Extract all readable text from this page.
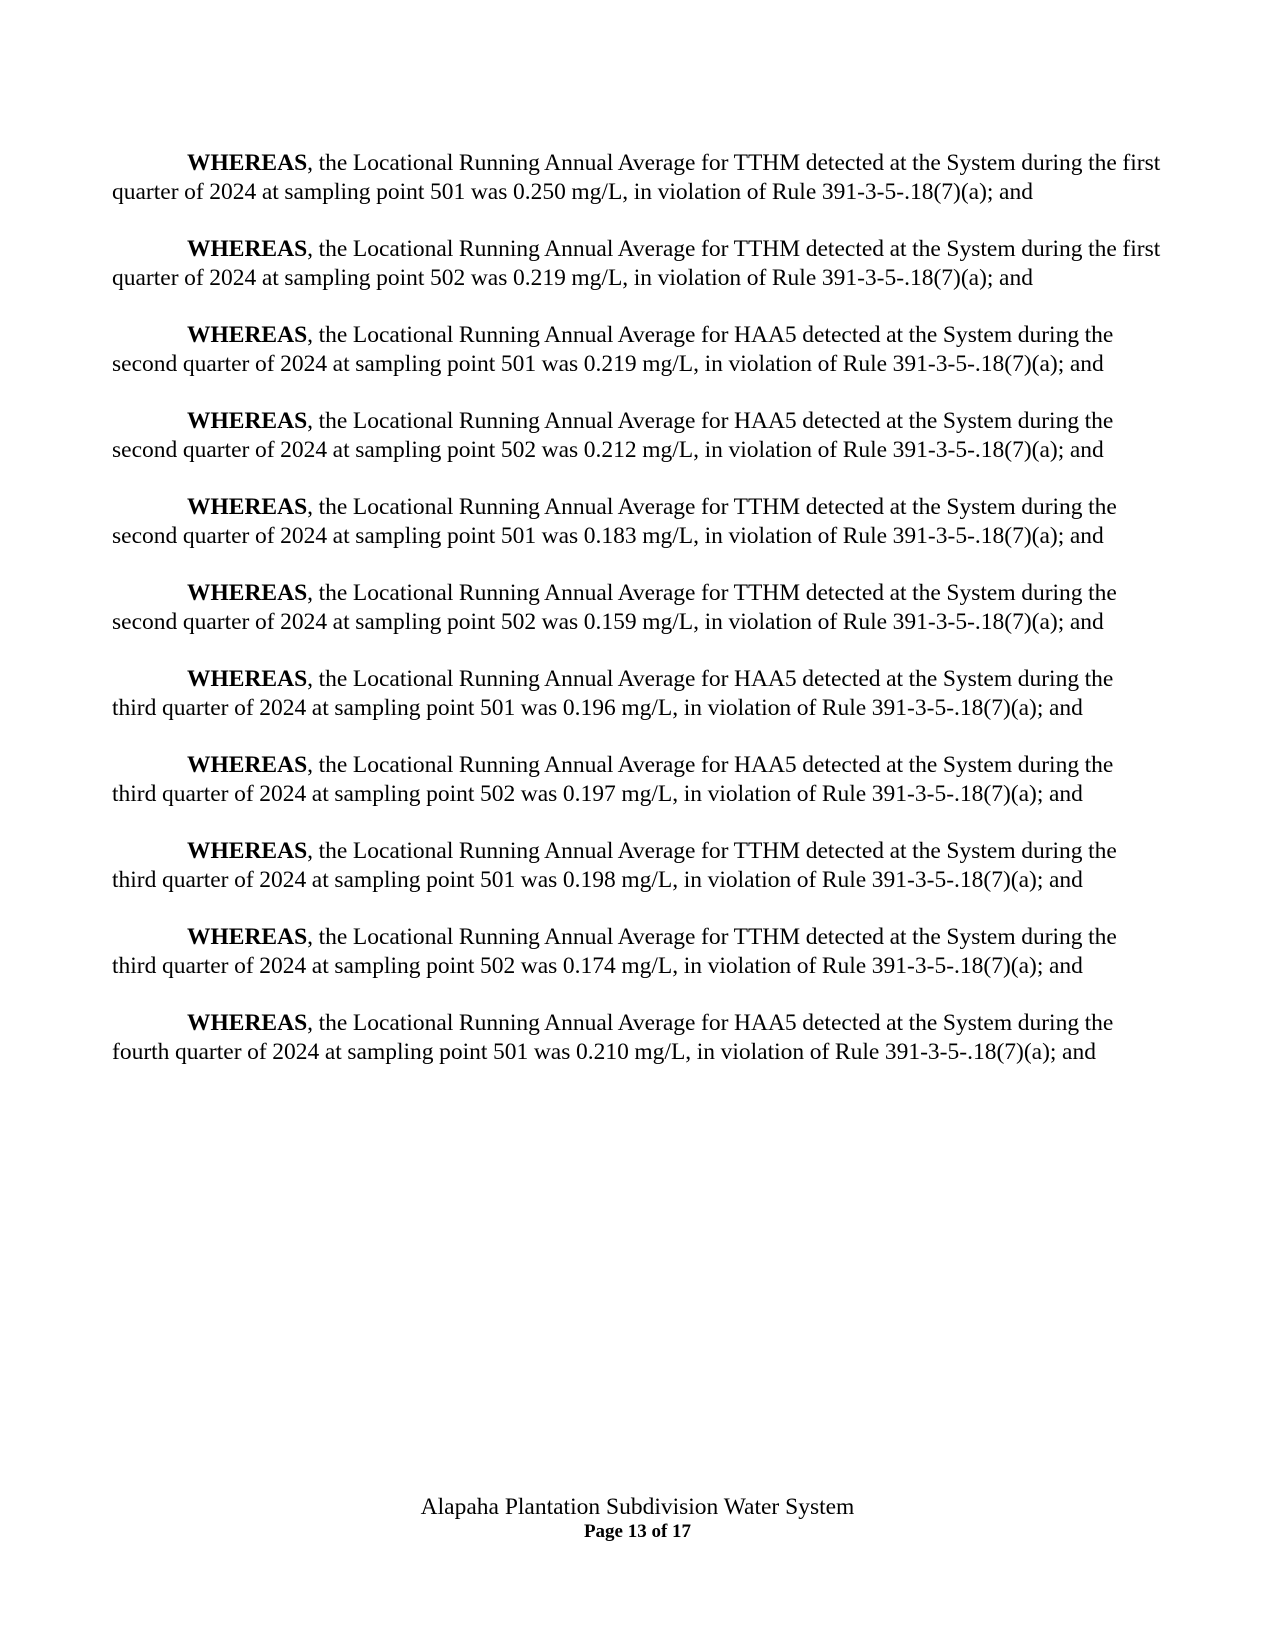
WHEREAS, the Locational Running Annual Average for TTHM detected at the System during the first quarter of 2024 at sampling point 501 was 0.250 mg/L, in violation of Rule 391-3-5-.18(7)(a); and

WHEREAS, the Locational Running Annual Average for TTHM detected at the System during the first quarter of 2024 at sampling point 502 was 0.219 mg/L, in violation of Rule 391-3-5-.18(7)(a); and

WHEREAS, the Locational Running Annual Average for HAA5 detected at the System during the second quarter of 2024 at sampling point 501 was 0.219 mg/L, in violation of Rule 391-3-5-.18(7)(a); and

WHEREAS, the Locational Running Annual Average for HAA5 detected at the System during the second quarter of 2024 at sampling point 502 was 0.212 mg/L, in violation of Rule 391-3-5-.18(7)(a); and

WHEREAS, the Locational Running Annual Average for TTHM detected at the System during the second quarter of 2024 at sampling point 501 was 0.183 mg/L, in violation of Rule 391-3-5-.18(7)(a); and

WHEREAS, the Locational Running Annual Average for TTHM detected at the System during the second quarter of 2024 at sampling point 502 was 0.159 mg/L, in violation of Rule 391-3-5-.18(7)(a); and

WHEREAS, the Locational Running Annual Average for HAA5 detected at the System during the third quarter of 2024 at sampling point 501 was 0.196 mg/L, in violation of Rule 391-3-5-.18(7)(a); and

WHEREAS, the Locational Running Annual Average for HAA5 detected at the System during the third quarter of 2024 at sampling point 502 was 0.197 mg/L, in violation of Rule 391-3-5-.18(7)(a); and

WHEREAS, the Locational Running Annual Average for TTHM detected at the System during the third quarter of 2024 at sampling point 501 was 0.198 mg/L, in violation of Rule 391-3-5-.18(7)(a); and

WHEREAS, the Locational Running Annual Average for TTHM detected at the System during the third quarter of 2024 at sampling point 502 was 0.174 mg/L, in violation of Rule 391-3-5-.18(7)(a); and

WHEREAS, the Locational Running Annual Average for HAA5 detected at the System during the fourth quarter of 2024 at sampling point 501 was 0.210 mg/L, in violation of Rule 391-3-5-.18(7)(a); and

Alapaha Plantation Subdivision Water System
Page 13 of 17
